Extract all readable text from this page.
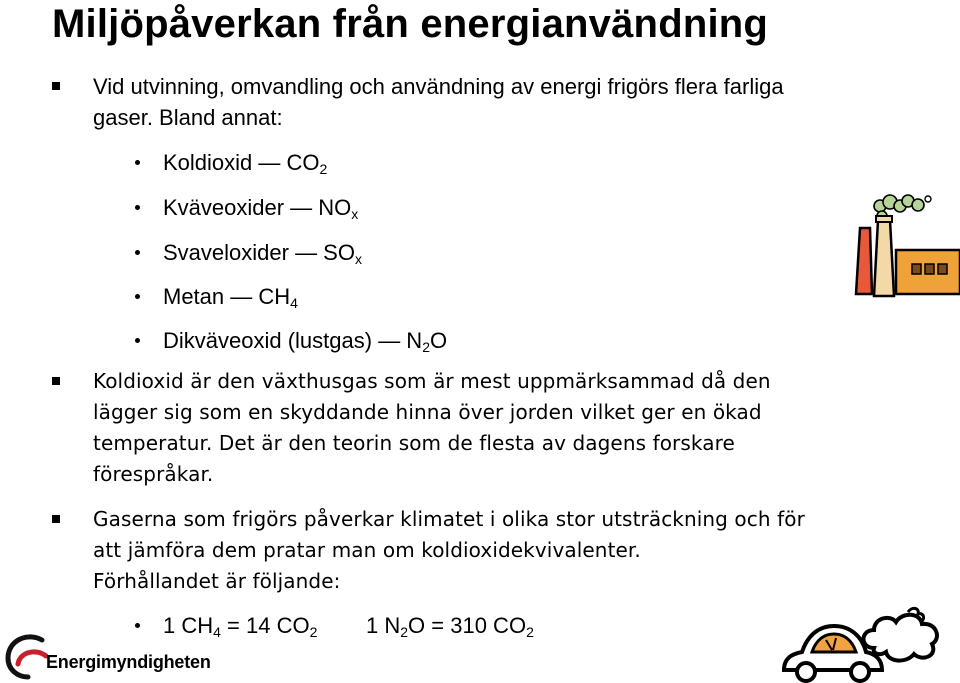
Miljöpåverkan från energianvändning
Vid utvinning, omvandling och användning av energi frigörs flera farliga
gaser. Bland annat:
Koldioxid — $CO_2$
Kväveoxider — $NO_x$
Svaveloxider — $SO_x$
Metan — $CH_4$
Dikväveoxid (lustgas) — $N_2O$
Koldioxid är den växthusgas som är mest uppmärksammad då den
lägger sig som en skyddande hinna över jorden vilket ger en ökad
temperatur. Det är den teorin som de flesta av dagens forskare
förespråkar.
Gaserna som frigörs påverkar klimatet i olika stor utsträckning och för
att jämföra dem pratar man om koldioxidekvivalenter.
Förhållandet är följande:
1 $CH_4 = 14$ $CO_2$ 1 $N_2O = 310$ $CO_2$
Energimyndigheten
